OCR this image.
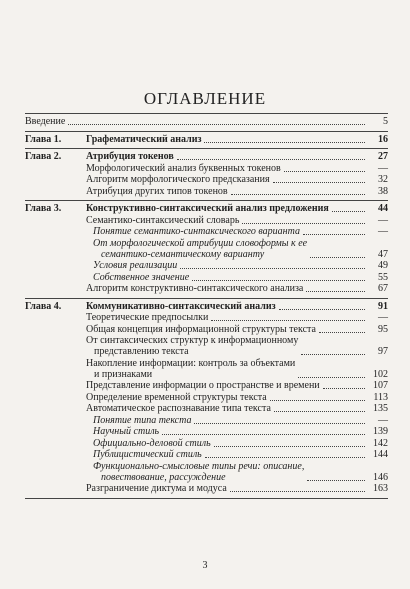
ОГЛАВЛЕНИЕ
Введение	5
Глава 1.	Графематический анализ	16
Глава 2.	Атрибуция токенов	27
Морфологический анализ буквенных токенов	—
Алгоритм морфологического предсказания	32
Атрибуция других типов токенов	38
Глава 3.	Конструктивно-синтаксический анализ предложения	44
Семантико-синтаксический словарь	—
Понятие семантико-синтаксического варианта	—
От морфологической атрибуции словоформы к ее
семантико-семантическому варианту	47
Условия реализации	49
Собственное значение	55
Алгоритм конструктивно-синтаксического анализа	67
Глава 4.	Коммуникативно-синтаксический анализ	91
Теоретические предпосылки	—
Общая концепция информационной структуры текста	95
От синтаксических структур к информационному
представлению текста	97
Накопление информации: контроль за объектами
и признаками	102
Представление информации о пространстве и времени	107
Определение временной структуры текста	113
Автоматическое распознавание типа текста	135
Понятие типа текста	—
Научный стиль	139
Официально-деловой стиль	142
Публицистический стиль	144
Функционально-смысловые типы речи: описание,
повествование, рассуждение	146
Разграничение диктума и модуса	163
3
